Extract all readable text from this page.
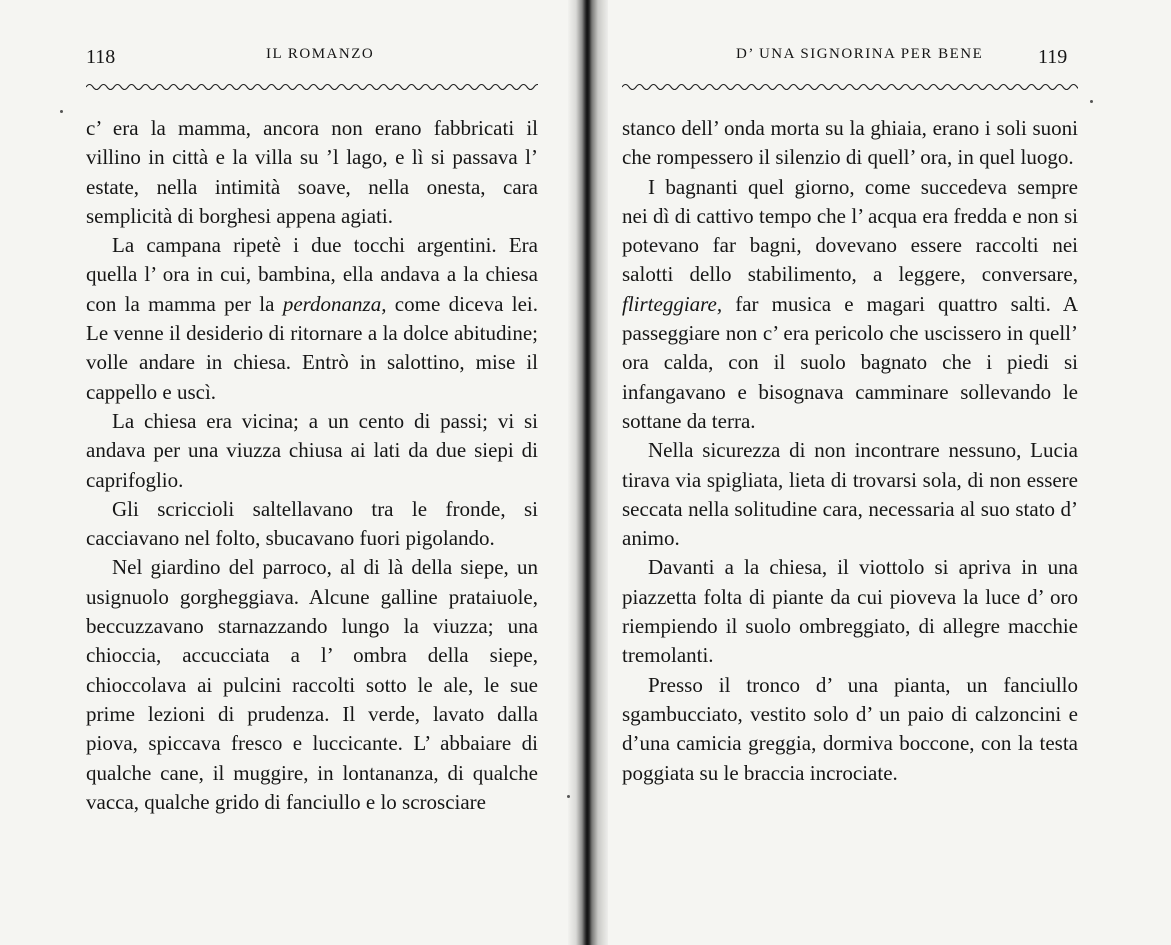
118	IL ROMANZO

c’ era la mamma, ancora non erano fabbricati il villino in città e la villa su ’l lago, e lì si passava l’ estate, nella intimità soave, nella onesta, cara semplicità di borghesi appena agiati.

La campana ripetè i due tocchi argentini. Era quella l’ ora in cui, bambina, ella andava a la chiesa con la mamma per la perdonanza, come diceva lei. Le venne il desiderio di ritornare a la dolce abitudine; volle andare in chiesa. Entrò in salottino, mise il cappello e uscì.

La chiesa era vicina; a un cento di passi; vi si andava per una viuzza chiusa ai lati da due siepi di caprifoglio.

Gli scriccioli saltellavano tra le fronde, si cacciavano nel folto, sbucavano fuori pigolando.

Nel giardino del parroco, al di là della siepe, un usignuolo gorgheggiava. Alcune galline prataiuole, beccuzzavano starnazzando lungo la viuzza; una chioccia, accucciata a l’ ombra della siepe, chioccolava ai pulcini raccolti sotto le ale, le sue prime lezioni di prudenza. Il verde, lavato dalla piova, spiccava fresco e luccicante. L’ abbaiare di qualche cane, il muggire, in lontananza, di qualche vacca, qualche grido di fanciullo e lo scrosciare

D’ UNA SIGNORINA PER BENE	119

stanco dell’ onda morta su la ghiaia, erano i soli suoni che rompessero il silenzio di quell’ ora, in quel luogo.

I bagnanti quel giorno, come succedeva sempre nei dì di cattivo tempo che l’ acqua era fredda e non si potevano far bagni, dovevano essere raccolti nei salotti dello stabilimento, a leggere, conversare, flirteggiare, far musica e magari quattro salti. A passeggiare non c’ era pericolo che uscissero in quell’ ora calda, con il suolo bagnato che i piedi si infangavano e bisognava camminare sollevando le sottane da terra.

Nella sicurezza di non incontrare nessuno, Lucia tirava via spigliata, lieta di trovarsi sola, di non essere seccata nella solitudine cara, necessaria al suo stato d’ animo.

Davanti a la chiesa, il viottolo si apriva in una piazzetta folta di piante da cui pioveva la luce d’ oro riempiendo il suolo ombreggiato, di allegre macchie tremolanti.

Presso il tronco d’ una pianta, un fanciullo sgambucciato, vestito solo d’ un paio di calzoncini e d’una camicia greggia, dormiva boccone, con la testa poggiata su le braccia incrociate.
